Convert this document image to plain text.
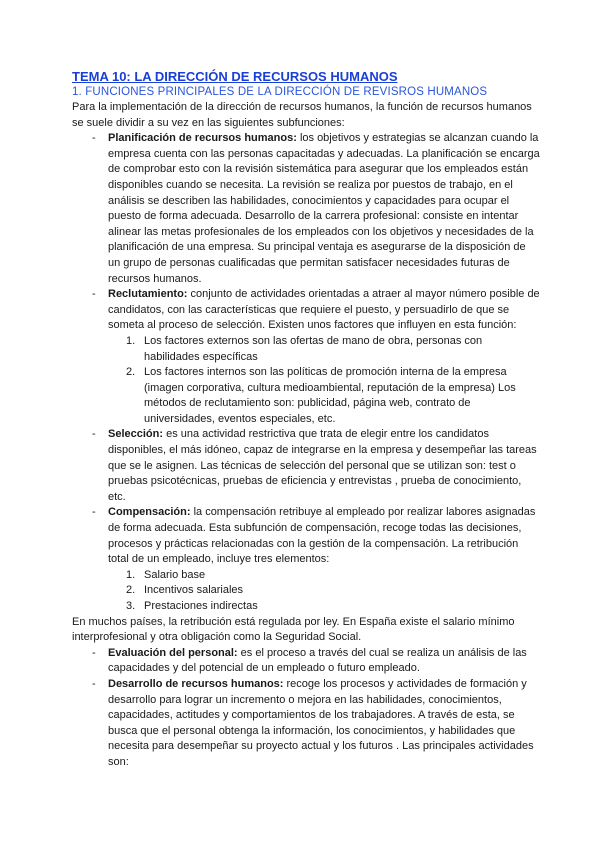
TEMA 10: LA DIRECCIÓN DE RECURSOS HUMANOS

1. FUNCIONES PRINCIPALES DE LA DIRECCIÓN DE REVISROS HUMANOS

Para la implementación de la dirección de recursos humanos, la función de recursos humanos se suele dividir a su vez en las siguientes subfunciones:

- Planificación de recursos humanos: los objetivos y estrategias se alcanzan cuando la empresa cuenta con las personas capacitadas y adecuadas. La planificación se encarga de comprobar esto con la revisión sistemática para asegurar que los empleados están disponibles cuando se necesita. La revisión se realiza por puestos de trabajo, en el análisis se describen las habilidades, conocimientos y capacidades para ocupar el puesto de forma adecuada. Desarrollo de la carrera profesional: consiste en intentar alinear las metas profesionales de los empleados con los objetivos y necesidades de la planificación de una empresa. Su principal ventaja es asegurarse de la disposición de un grupo de personas cualificadas que permitan satisfacer necesidades futuras de recursos humanos.

- Reclutamiento: conjunto de actividades orientadas a atraer al mayor número posible de candidatos, con las características que requiere el puesto, y persuadirlo de que se someta al proceso de selección. Existen unos factores que influyen en esta función:

1. Los factores externos son las ofertas de mano de obra, personas con habilidades específicas
2. Los factores internos son las políticas de promoción interna de la empresa (imagen corporativa, cultura medioambiental, reputación de la empresa) Los métodos de reclutamiento son: publicidad, página web, contrato de universidades, eventos especiales, etc.
- Selección: es una actividad restrictiva que trata de elegir entre los candidatos disponibles, el más idóneo, capaz de integrarse en la empresa y desempeñar las tareas que se le asignen. Las técnicas de selección del personal que se utilizan son: test o pruebas psicotécnicas, pruebas de eficiencia y entrevistas , prueba de conocimiento, etc.

- Compensación: la compensación retribuye al empleado por realizar labores asignadas de forma adecuada. Esta subfunción de compensación, recoge todas las decisiones, procesos y prácticas relacionadas con la gestión de la compensación. La retribución total de un empleado, incluye tres elementos:

1. Salario base
2. Incentivos salariales
3. Prestaciones indirectas

En muchos países, la retribución está regulada por ley. En España existe el salario mínimo interprofesional y otra obligación como la Seguridad Social.

- Evaluación del personal: es el proceso a través del cual se realiza un análisis de las capacidades y del potencial de un empleado o futuro empleado.

- Desarrollo de recursos humanos: recoge los procesos y actividades de formación y desarrollo para lograr un incremento o mejora en las habilidades, conocimientos, capacidades, actitudes y comportamientos de los trabajadores. A través de esta, se busca que el personal obtenga la información, los conocimientos, y habilidades que necesita para desempeñar su proyecto actual y los futuros . Las principales actividades son:
